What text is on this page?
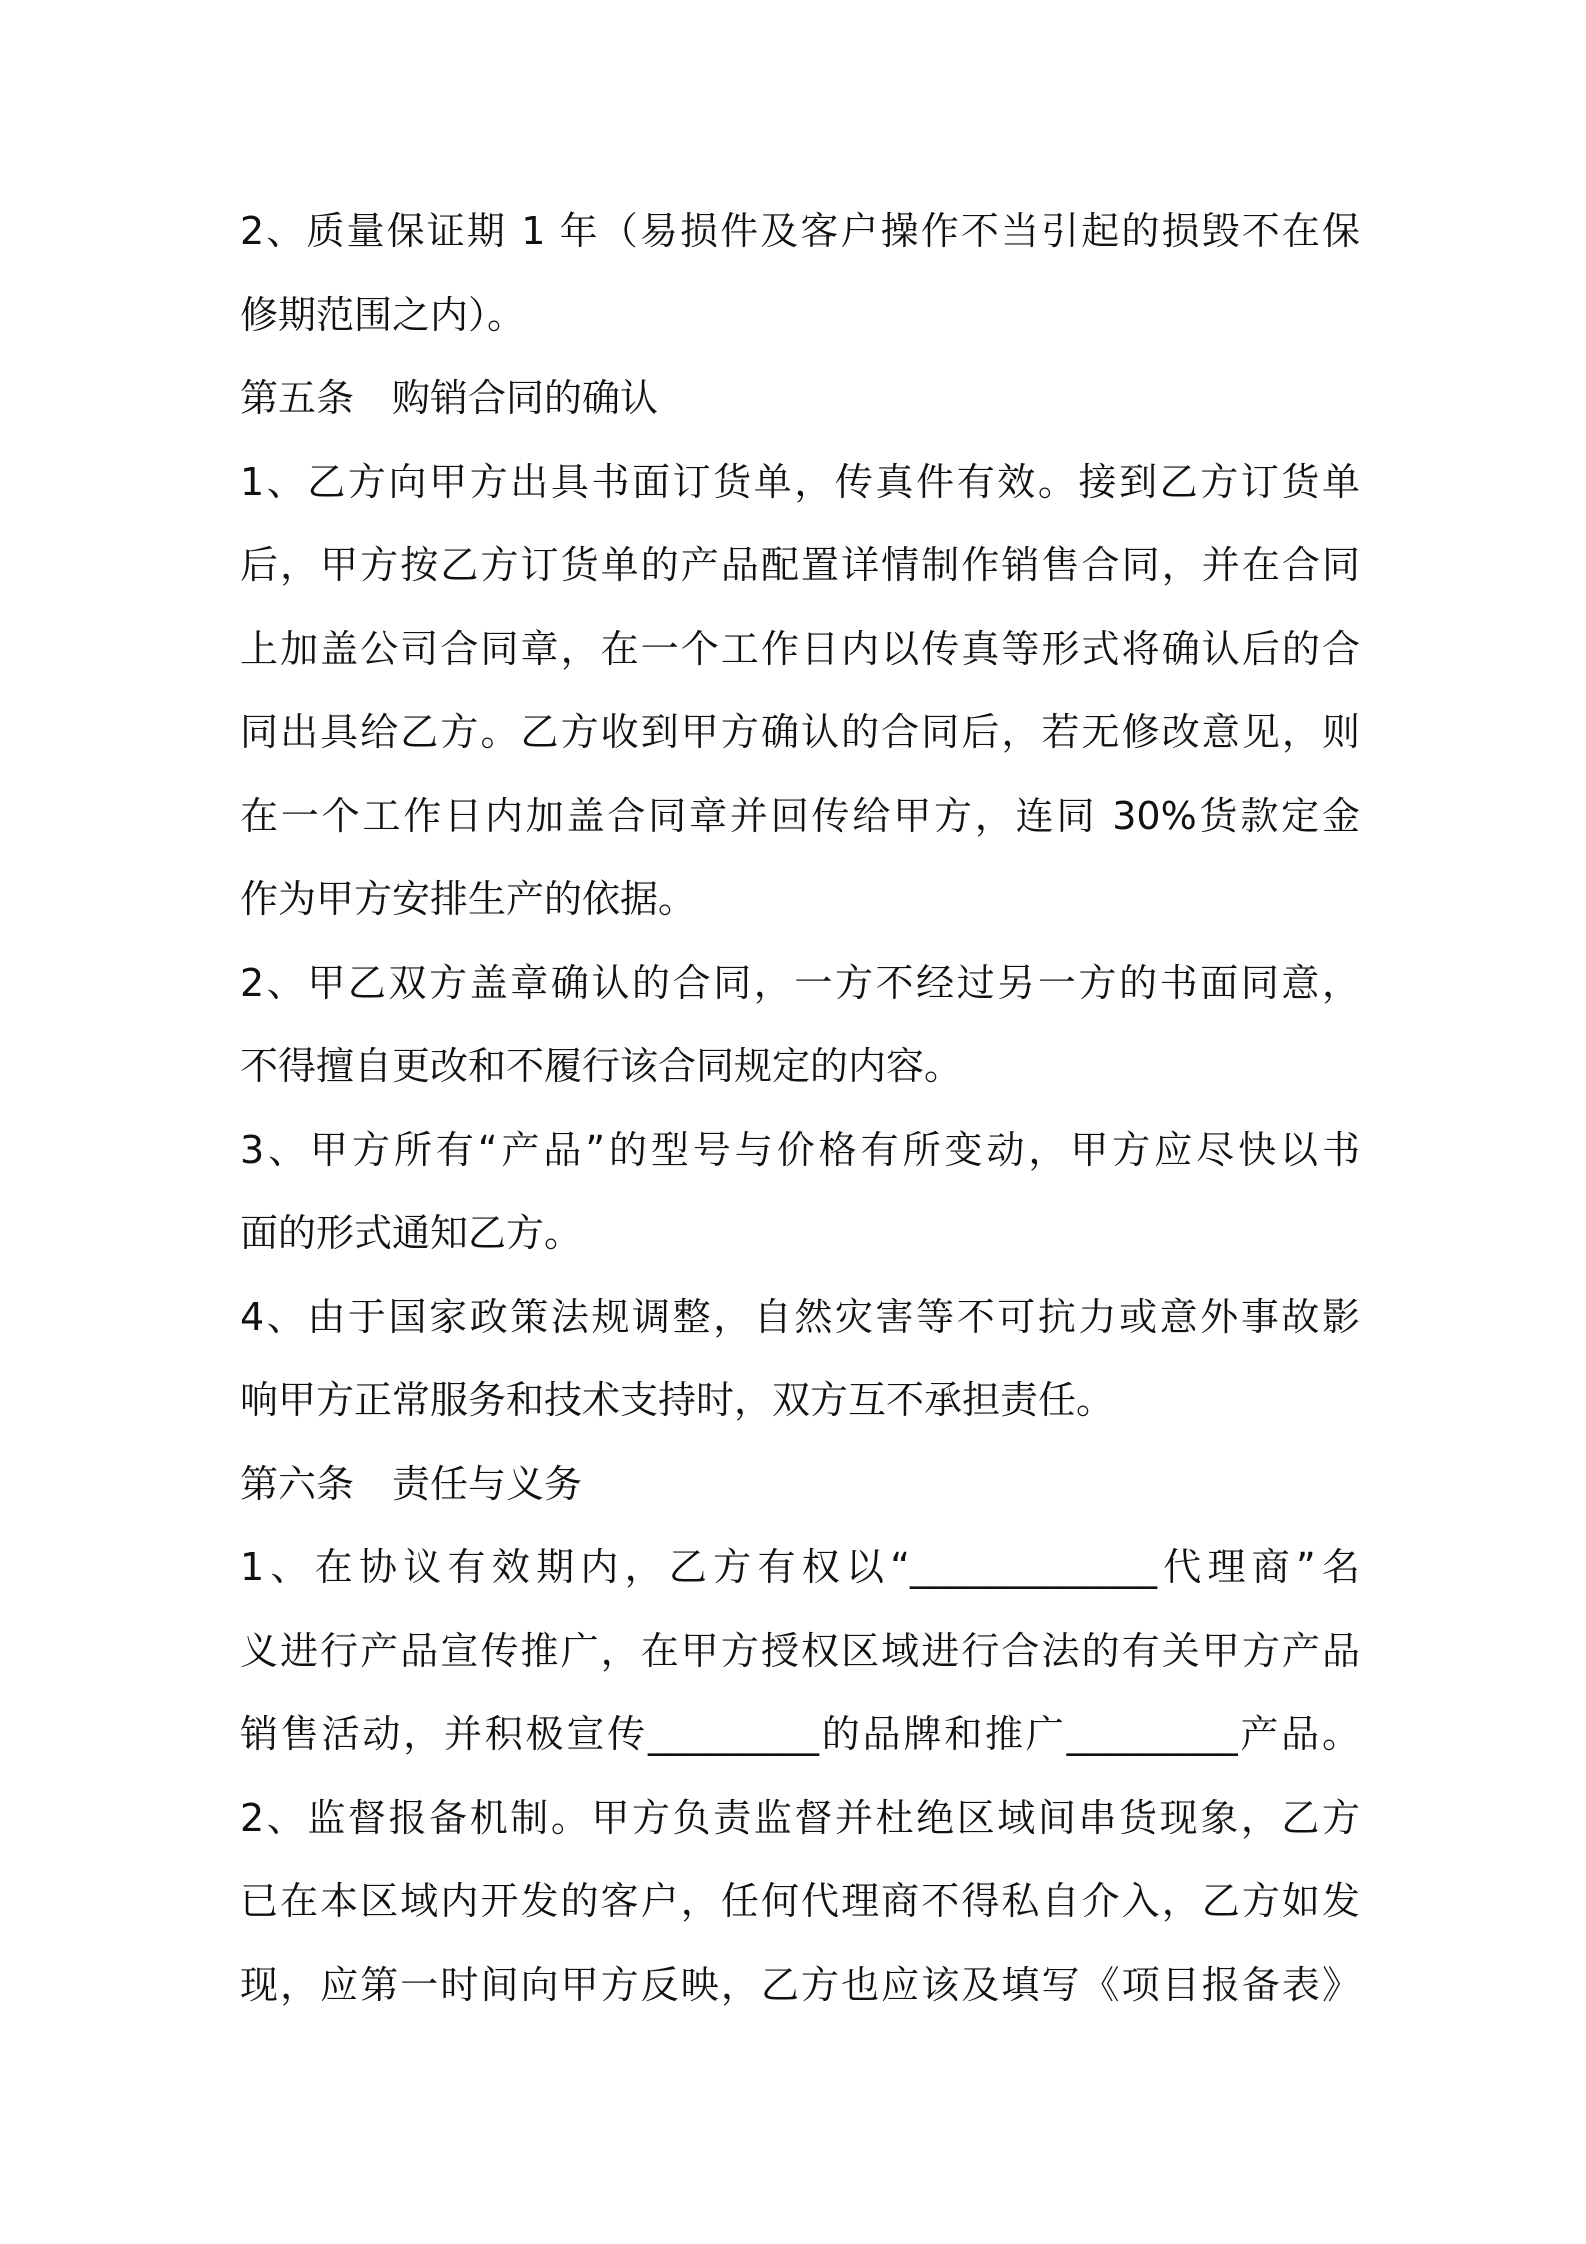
2、质量保证期 1 年（易损件及客户操作不当引起的损毁不在保
修期范围之内）。
第五条　购销合同的确认
1、乙方向甲方出具书面订货单，传真件有效。接到乙方订货单
后，甲方按乙方订货单的产品配置详情制作销售合同，并在合同
上加盖公司合同章，在一个工作日内以传真等形式将确认后的合
同出具给乙方。乙方收到甲方确认的合同后，若无修改意见，则
在一个工作日内加盖合同章并回传给甲方，连同 30%货款定金
作为甲方安排生产的依据。
2、甲乙双方盖章确认的合同，一方不经过另一方的书面同意，
不得擅自更改和不履行该合同规定的内容。
3、甲方所有“产品”的型号与价格有所变动，甲方应尽快以书
面的形式通知乙方。
4、由于国家政策法规调整，自然灾害等不可抗力或意外事故影
响甲方正常服务和技术支持时，双方互不承担责任。
第六条　责任与义务
1、在协议有效期内，乙方有权以“_____________代理商”名
义进行产品宣传推广，在甲方授权区域进行合法的有关甲方产品
销售活动，并积极宣传_________的品牌和推广_________产品。
2、监督报备机制。甲方负责监督并杜绝区域间串货现象，乙方
已在本区域内开发的客户，任何代理商不得私自介入，乙方如发
现，应第一时间向甲方反映，乙方也应该及填写《项目报备表》
